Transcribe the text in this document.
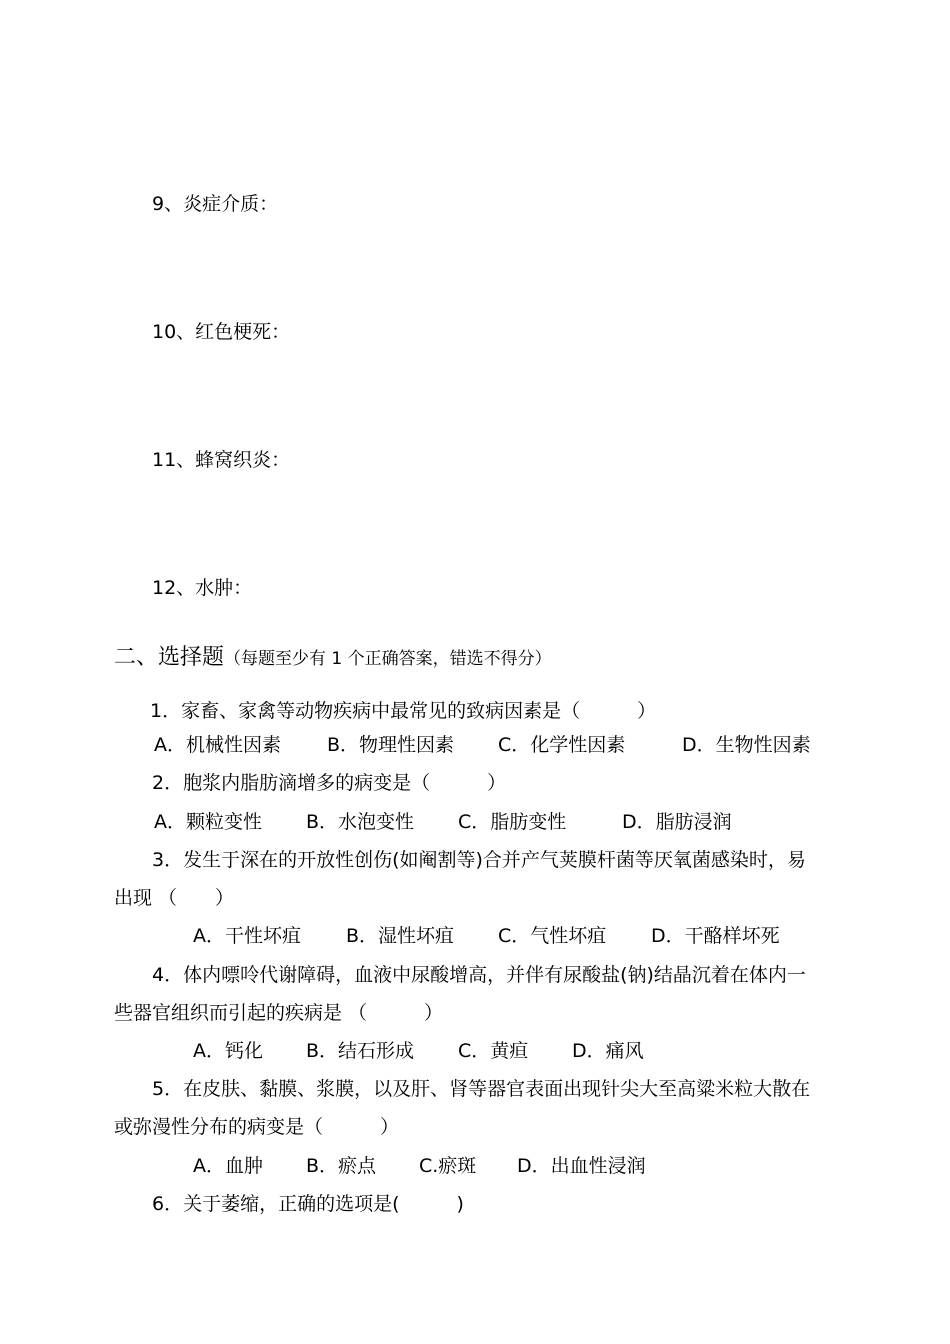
9、炎症介质：
10、红色梗死：
11、蜂窝织炎：
12、水肿：
二、选择题（每题至少有 1 个正确答案，错选不得分）
1．家畜、家禽等动物疾病中最常见的致病因素是（　　　）
A．机械性因素 B．物理性因素 C．化学性因素	D．生物性因素
2．胞浆内脂肪滴增多的病变是（　　　）
A．颗粒变性 B．水泡变性 C．脂肪变性	D．脂肪浸润
3．发生于深在的开放性创伤(如阉割等)合并产气荚膜杆菌等厌氧菌感染时，易
出现 （　　）
A．干性坏疽 B．湿性坏疽 C．气性坏疽 D．干酪样坏死
4．体内嘌呤代谢障碍，血液中尿酸增高，并伴有尿酸盐(钠)结晶沉着在体内一
些器官组织而引起的疾病是 （　　　）
A．钙化 B．结石形成 C．黄疸 D．痛风
5．在皮肤、黏膜、浆膜，以及肝、肾等器官表面出现针尖大至高粱米粒大散在
或弥漫性分布的病变是（　　　）
A．血肿 B．瘀点 C.瘀斑 D．出血性浸润
6．关于萎缩，正确的选项是(　　　)
